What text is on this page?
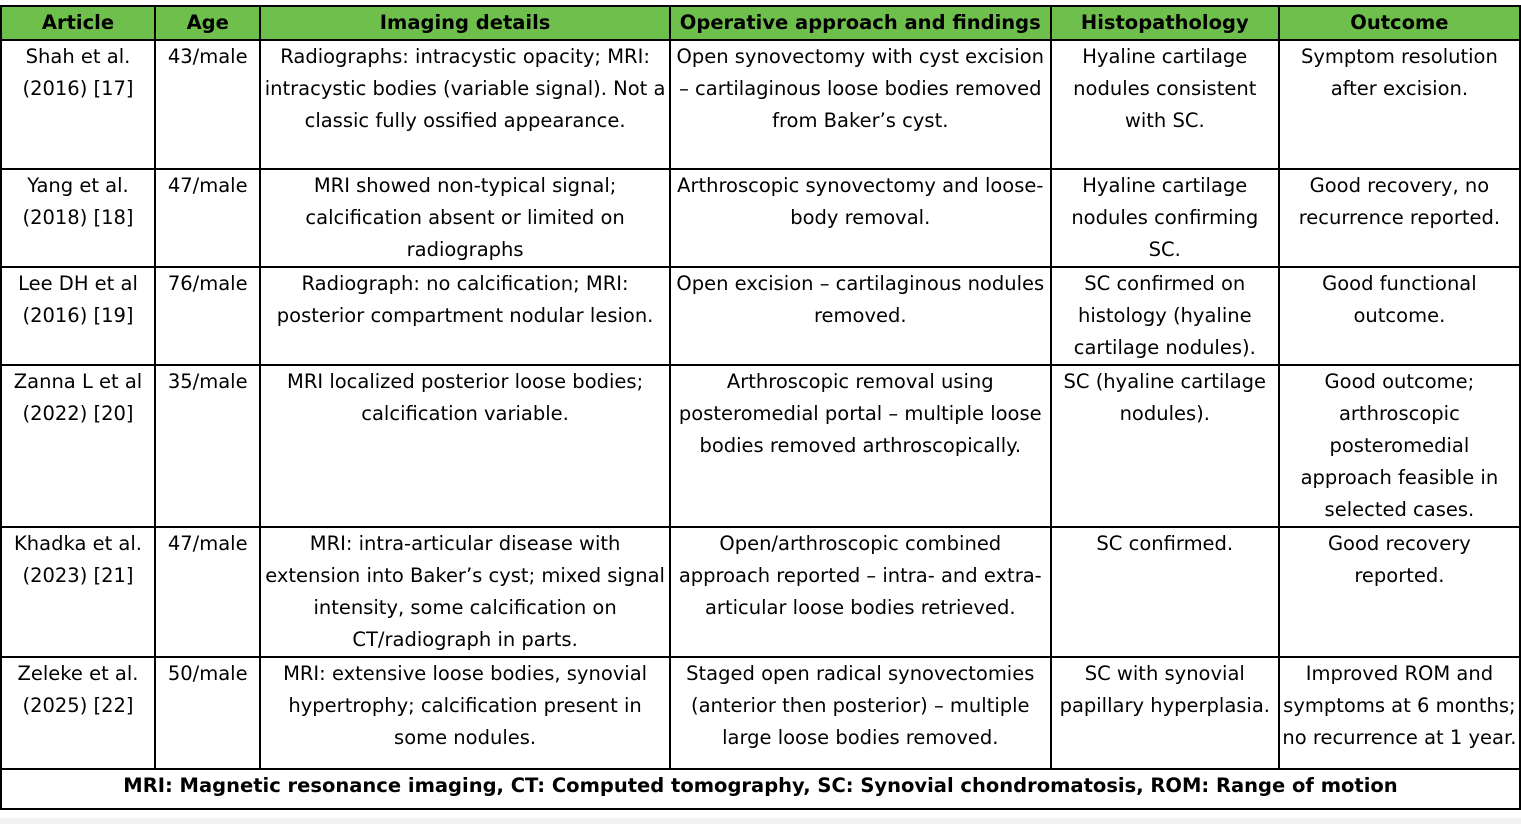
Article	Age	Imaging details	Operative approach and findings	Histopathology	Outcome
Shah et al. (2016) [17]	43/male	Radiographs: intracystic opacity; MRI: intracystic bodies (variable signal). Not a classic fully ossified appearance.	Open synovectomy with cyst excision – cartilaginous loose bodies removed from Baker’s cyst.	Hyaline cartilage nodules consistent with SC.	Symptom resolution after excision.
Yang et al. (2018) [18]	47/male	MRI showed non-typical signal; calcification absent or limited on radiographs	Arthroscopic synovectomy and loose-body removal.	Hyaline cartilage nodules confirming SC.	Good recovery, no recurrence reported.
Lee DH et al (2016) [19]	76/male	Radiograph: no calcification; MRI: posterior compartment nodular lesion.	Open excision – cartilaginous nodules removed.	SC confirmed on histology (hyaline cartilage nodules).	Good functional outcome.
Zanna L et al (2022) [20]	35/male	MRI localized posterior loose bodies; calcification variable.	Arthroscopic removal using posteromedial portal – multiple loose bodies removed arthroscopically.	SC (hyaline cartilage nodules).	Good outcome; arthroscopic posteromedial approach feasible in selected cases.
Khadka et al. (2023) [21]	47/male	MRI: intra-articular disease with extension into Baker’s cyst; mixed signal intensity, some calcification on CT/radiograph in parts.	Open/arthroscopic combined approach reported – intra- and extra-articular loose bodies retrieved.	SC confirmed.	Good recovery reported.
Zeleke et al. (2025) [22]	50/male	MRI: extensive loose bodies, synovial hypertrophy; calcification present in some nodules.	Staged open radical synovectomies (anterior then posterior) – multiple large loose bodies removed.	SC with synovial papillary hyperplasia.	Improved ROM and symptoms at 6 months; no recurrence at 1 year.
MRI: Magnetic resonance imaging, CT: Computed tomography, SC: Synovial chondromatosis, ROM: Range of motion					
